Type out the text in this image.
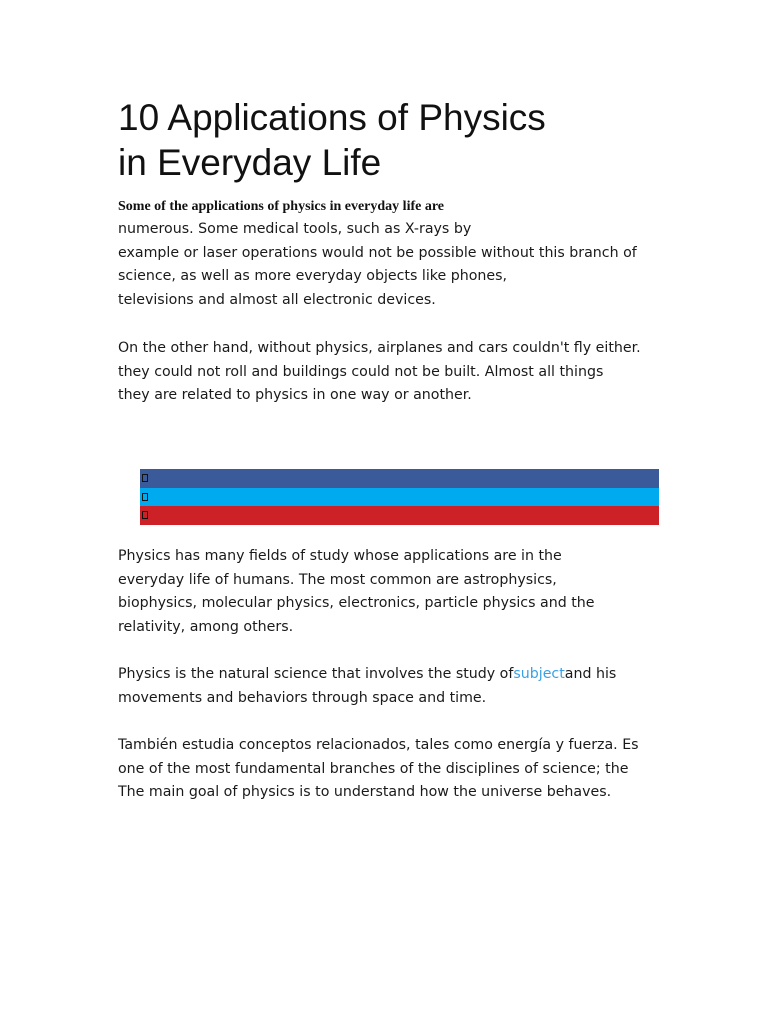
10 Applications of Physics
in Everyday Life

Some of the applications of physics in everyday life are

numerous. Some medical tools, such as X-rays by
example or laser operations would not be possible without this branch of
science, as well as more everyday objects like phones,
televisions and almost all electronic devices.

On the other hand, without physics, airplanes and cars couldn't fly either.
they could not roll and buildings could not be built. Almost all things
they are related to physics in one way or another.

Physics has many fields of study whose applications are in the
everyday life of humans. The most common are astrophysics,
biophysics, molecular physics, electronics, particle physics and the
relativity, among others.

Physics is the natural science that involves the study ofsubjectand his
movements and behaviors through space and time.

También estudia conceptos relacionados, tales como energía y fuerza. Es
one of the most fundamental branches of the disciplines of science; the
The main goal of physics is to understand how the universe behaves.
